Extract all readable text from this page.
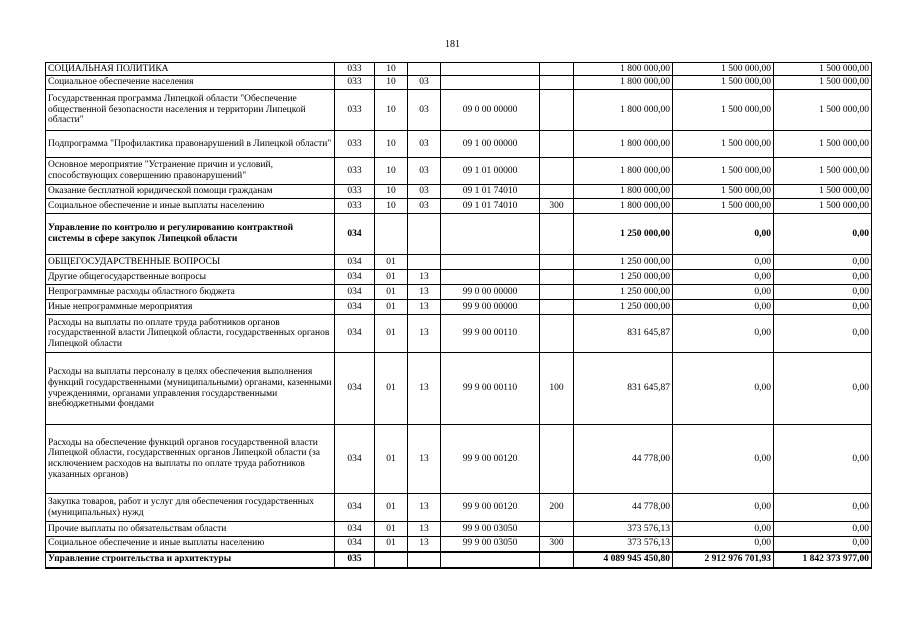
181
СОЦИАЛЬНАЯ ПОЛИТИКА	033	10				1 800 000,00	1 500 000,00	1 500 000,00
Социальное обеспечение населения	033	10	03			1 800 000,00	1 500 000,00	1 500 000,00
Государственная программа Липецкой области "Обеспечение общественной безопасности населения и территории Липецкой области"	033	10	03	09 0 00 00000		1 800 000,00	1 500 000,00	1 500 000,00
Подпрограмма "Профилактика правонарушений в Липецкой области"	033	10	03	09 1 00 00000		1 800 000,00	1 500 000,00	1 500 000,00
Основное мероприятие "Устранение причин и условий, способствующих совершению правонарушений"	033	10	03	09 1 01 00000		1 800 000,00	1 500 000,00	1 500 000,00
Оказание бесплатной юридической помощи гражданам	033	10	03	09 1 01 74010		1 800 000,00	1 500 000,00	1 500 000,00
Социальное обеспечение и иные выплаты населению	033	10	03	09 1 01 74010	300	1 800 000,00	1 500 000,00	1 500 000,00
Управление по контролю и регулированию контрактной системы в сфере закупок Липецкой области	034					1 250 000,00	0,00	0,00
ОБЩЕГОСУДАРСТВЕННЫЕ ВОПРОСЫ	034	01				1 250 000,00	0,00	0,00
Другие общегосударственные вопросы	034	01	13			1 250 000,00	0,00	0,00
Непрограммные расходы областного бюджета	034	01	13	99 0 00 00000		1 250 000,00	0,00	0,00
Иные непрограммные мероприятия	034	01	13	99 9 00 00000		1 250 000,00	0,00	0,00
Расходы на выплаты по оплате труда работников органов государственной власти Липецкой области, государственных органов Липецкой области	034	01	13	99 9 00 00110		831 645,87	0,00	0,00
Расходы на выплаты персоналу в целях обеспечения выполнения функций государственными (муниципальными) органами, казенными учреждениями, органами управления государственными внебюджетными фондами	034	01	13	99 9 00 00110	100	831 645,87	0,00	0,00
Расходы на обеспечение функций органов государственной власти Липецкой области, государственных органов Липецкой области (за исключением расходов на выплаты по оплате труда работников указанных органов)	034	01	13	99 9 00 00120		44 778,00	0,00	0,00
Закупка товаров, работ и услуг для обеспечения государственных (муниципальных) нужд	034	01	13	99 9 00 00120	200	44 778,00	0,00	0,00
Прочие выплаты по обязательствам области	034	01	13	99 9 00 03050		373 576,13	0,00	0,00
Социальное обеспечение и иные выплаты населению	034	01	13	99 9 00 03050	300	373 576,13	0,00	0,00
Управление строительства и архитектуры	035					4 089 945 450,80	2 912 976 701,93	1 842 373 977,00
